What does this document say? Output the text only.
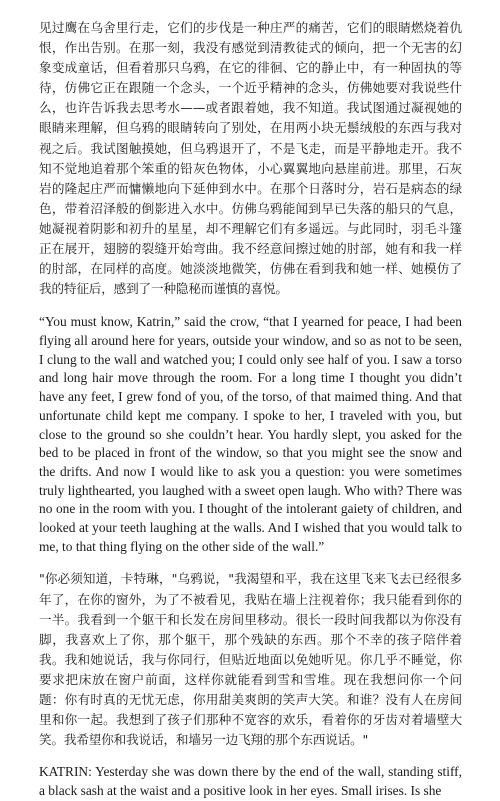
见过鹰在乌舍里行走，它们的步伐是一种庄严的痛苦，它们的眼睛燃烧着仇恨，作出告别。在那一刻，我没有感觉到清教徒式的倾向，把一个无害的幻象变成童话，但看着那只乌鸦，在它的徘徊、它的静止中，有一种固执的等待，仿佛它正在跟随一个念头，一个近乎精神的念头，仿佛她要对我说些什么，也许告诉我去思考水——或者跟着她，我不知道。我试图通过凝视她的眼睛来理解，但乌鸦的眼睛转向了别处，在用两小块无鬃绒般的东西与我对视之后。我试图触摸她，但乌鸦退开了，不是飞走，而是平静地走开。我不知不觉地追着那个笨重的铅灰色物体，小心翼翼地向悬崖前进。那里，石灰岩的隆起庄严而慵懒地向下延伸到水中。在那个日落时分，岩石是病态的绿色，带着沼泽般的倒影进入水中。仿佛乌鸦能闻到早已失落的船只的气息，她凝视着阴影和初升的星星，却不理解它们有多遥远。与此同时，羽毛斗篷正在展开，翅膀的裂缝开始弯曲。我不经意间擦过她的肘部，她有和我一样的肘部，在同样的高度。她淡淡地微笑，仿佛在看到我和她一样、她模仿了我的特征后，感到了一种隐秘而谨慎的喜悦。

“You must know, Katrin,” said the crow, “that I yearned for peace, I had been flying all around here for years, outside your window, and so as not to be seen, I clung to the wall and watched you; I could only see half of you. I saw a torso and long hair move through the room. For a long time I thought you didn’t have any feet, I grew fond of you, of the torso, of that maimed thing. And that unfortunate child kept me company. I spoke to her, I traveled with you, but close to the ground so she couldn’t hear. You hardly slept, you asked for the bed to be placed in front of the window, so that you might see the snow and the drifts. And now I would like to ask you a question: you were sometimes truly lighthearted, you laughed with a sweet open laugh. Who with? There was no one in the room with you. I thought of the intolerant gaiety of children, and looked at your teeth laughing at the walls. And I wished that you would talk to me, to that thing flying on the other side of the wall.”

"你必须知道，卡特琳，"乌鸦说，"我渴望和平，我在这里飞来飞去已经很多年了，在你的窗外，为了不被看见，我贴在墙上注视着你；我只能看到你的一半。我看到一个躯干和长发在房间里移动。很长一段时间我都以为你没有脚，我喜欢上了你，那个躯干，那个残缺的东西。那个不幸的孩子陪伴着我。我和她说话，我与你同行，但贴近地面以免她听见。你几乎不睡觉，你要求把床放在窗户前面，这样你就能看到雪和雪堆。现在我想问你一个问题：你有时真的无忧无虑，你用甜美爽朗的笑声大笑。和谁？没有人在房间里和你一起。我想到了孩子们那种不宽容的欢乐，看着你的牙齿对着墙壁大笑。我希望你和我说话，和墙另一边飞翔的那个东西说话。"

KATRIN: Yesterday she was down there by the end of the wall, standing stiff, a black sash at the waist and a positive look in her eyes. Small irises. Is she
